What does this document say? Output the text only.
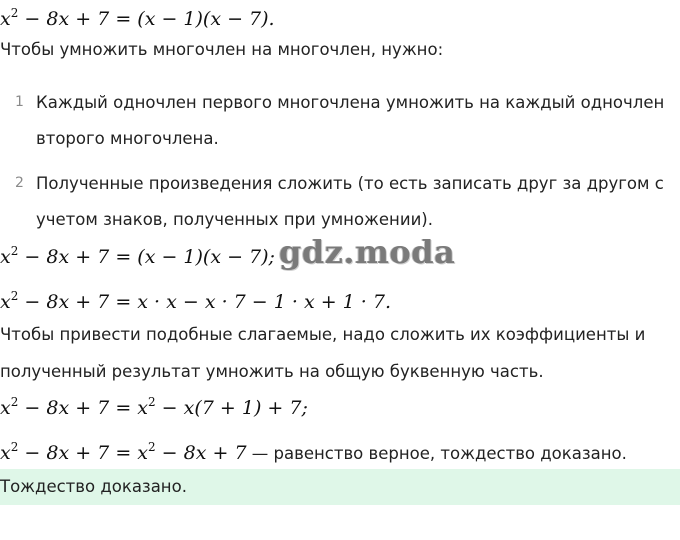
$x^2 - 8x + 7 = (x - 1)(x - 7)$.
Чтобы умножить многочлен на многочлен, нужно:
1 Каждый одночлен первого многочлена умножить на каждый одночлен второго многочлена.
2 Полученные произведения сложить (то есть записать друг за другом с учетом знаков, полученных при умножении).
$x^2 - 8x + 7 = (x - 1)(x - 7)$; gdz.moda
$x^2 - 8x + 7 = x \cdot x - x \cdot 7 - 1 \cdot x + 1 \cdot 7$.
Чтобы привести подобные слагаемые, надо сложить их коэффициенты и полученный результат умножить на общую буквенную часть.
$x^2 - 8x + 7 = x^2 - x(7 + 1) + 7$;
$x^2 - 8x + 7 = x^2 - 8x + 7$ — равенство верное, тождество доказано.
Тождество доказано.
